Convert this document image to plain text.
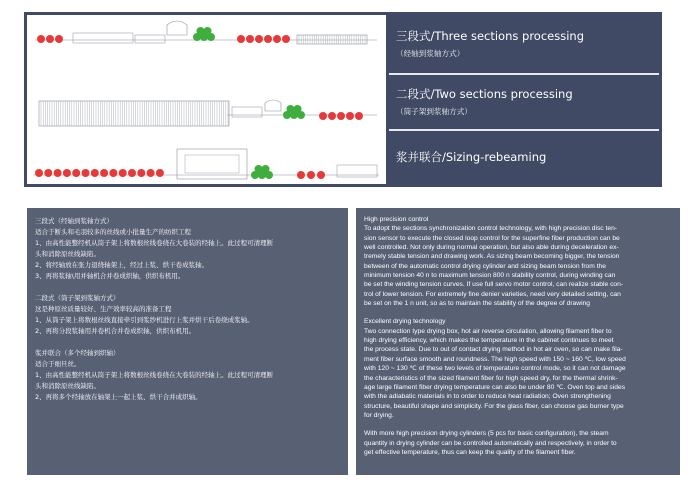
三段式/Three sections processing
（经轴到浆轴方式）
二段式/Two sections processing
（筒子架到浆轴方式）
浆并联合/Sizing-rebeaming
三段式（经轴到浆轴方式）
适合于断头和毛羽较多的丝线或小批量生产的纺织工程
1、由高性能整经机从筒子架上将数根丝线卷绕在大卷装的经轴上。此过程可清理断
头和消除原丝线缺陷。
2、将经轴放在张力退绕轴架上，经过上浆、烘干卷成浆轴。
3、再将浆轴\用并轴机合并卷成织轴，供织布机用。
二段式（筒子架到浆轴方式）
这是种原丝质量较好、生产效率较高的准备工程
1、从筒子架上将数根丝线直接牵引到浆纱机进行上浆并烘干后卷绕成浆轴。
2、再将分段浆轴用并卷机合并卷成织轴，供织布机用。
浆并联合（多个经轴到织轴）
适合于细旦丝。
1、由高性能整经机从筒子架上将数根丝线卷绕在大卷装的经轴上。此过程可清理断
头和消除原丝线缺陷。
2、再将多个经轴放在轴架上一起上浆、烘干合并成织轴。
High precision control
To adopt the sections synchronization control technology, with high precision disc ten-
sion sensor to execute the closed loop control for the superfine fiber production can be
well controlled. Not only during normal operation, but also able during deceleration ex-
tremely stable tension and drawing work. As sizing beam becoming bigger, the tension
between of the automatic control drying cylinder and sizing beam tension from the
minimum tension 40 n to maximum tension 800 n stability control, during winding can
be set the winding tension curves. If use full servo motor control, can realize stable con-
trol of lower tension. For extremely fine denier varieties, need very detailed setting, can
be set on the 1 n unit, so as to maintain the stability of the degree of drawing
Excellent drying technology
Two connection type drying box, hot air reverse circulation, allowing filament fiber to
high drying efficiency, which makes the temperature in the cabinet continues to meet
the process state. Due to out of contact drying method in hot air oven, so can make fila-
ment fiber surface smooth and roundness. The high speed with 150 ~ 160 ℃, low speed
with 120 ~ 130 ℃ of these two levels of temperature control mode, so it can not damage
the characteristics of the sized filament fiber for high speed dry, for the thermal shrink-
age large filament fiber drying temperature can also be under 80 ℃. Oven top and sides
with the adiabatic materials in to order to reduce heat radiation; Oven strengthening
structure, beautiful shape and simplicity. For the glass fiber, can choose gas burner type
for drying.
With more high precision drying cylinders (5 pcs for basic configuration), the steam
quantity in drying cylinder can be controlled automatically and respectively, in order to
get effective temperature, thus can keep the quality of the filament fiber.
